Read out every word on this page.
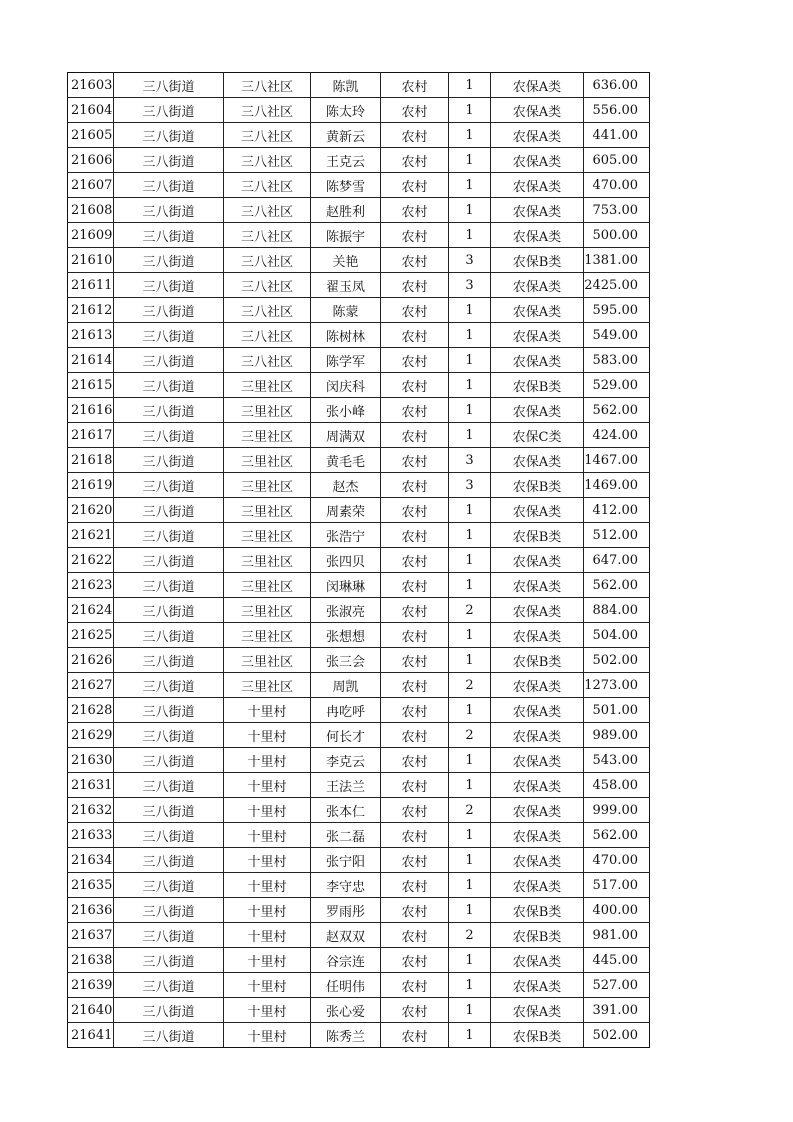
21603	三八街道	三八社区	陈凯	农村	1	农保A类	636.00
21604	三八街道	三八社区	陈太玲	农村	1	农保A类	556.00
21605	三八街道	三八社区	黄新云	农村	1	农保A类	441.00
21606	三八街道	三八社区	王克云	农村	1	农保A类	605.00
21607	三八街道	三八社区	陈梦雪	农村	1	农保A类	470.00
21608	三八街道	三八社区	赵胜利	农村	1	农保A类	753.00
21609	三八街道	三八社区	陈振宇	农村	1	农保A类	500.00
21610	三八街道	三八社区	关艳	农村	3	农保B类	1381.00
21611	三八街道	三八社区	翟玉凤	农村	3	农保A类	2425.00
21612	三八街道	三八社区	陈蒙	农村	1	农保A类	595.00
21613	三八街道	三八社区	陈树林	农村	1	农保A类	549.00
21614	三八街道	三八社区	陈学军	农村	1	农保A类	583.00
21615	三八街道	三里社区	闵庆科	农村	1	农保B类	529.00
21616	三八街道	三里社区	张小峰	农村	1	农保A类	562.00
21617	三八街道	三里社区	周满双	农村	1	农保C类	424.00
21618	三八街道	三里社区	黄毛毛	农村	3	农保A类	1467.00
21619	三八街道	三里社区	赵杰	农村	3	农保B类	1469.00
21620	三八街道	三里社区	周素荣	农村	1	农保A类	412.00
21621	三八街道	三里社区	张浩宁	农村	1	农保B类	512.00
21622	三八街道	三里社区	张四贝	农村	1	农保A类	647.00
21623	三八街道	三里社区	闵琳琳	农村	1	农保A类	562.00
21624	三八街道	三里社区	张淑亮	农村	2	农保A类	884.00
21625	三八街道	三里社区	张想想	农村	1	农保A类	504.00
21626	三八街道	三里社区	张三会	农村	1	农保B类	502.00
21627	三八街道	三里社区	周凯	农村	2	农保A类	1273.00
21628	三八街道	十里村	冉吃呼	农村	1	农保A类	501.00
21629	三八街道	十里村	何长才	农村	2	农保A类	989.00
21630	三八街道	十里村	李克云	农村	1	农保A类	543.00
21631	三八街道	十里村	王法兰	农村	1	农保A类	458.00
21632	三八街道	十里村	张本仁	农村	2	农保A类	999.00
21633	三八街道	十里村	张二磊	农村	1	农保A类	562.00
21634	三八街道	十里村	张宁阳	农村	1	农保A类	470.00
21635	三八街道	十里村	李守忠	农村	1	农保A类	517.00
21636	三八街道	十里村	罗雨彤	农村	1	农保B类	400.00
21637	三八街道	十里村	赵双双	农村	2	农保B类	981.00
21638	三八街道	十里村	谷宗连	农村	1	农保A类	445.00
21639	三八街道	十里村	任明伟	农村	1	农保A类	527.00
21640	三八街道	十里村	张心爱	农村	1	农保A类	391.00
21641	三八街道	十里村	陈秀兰	农村	1	农保B类	502.00
